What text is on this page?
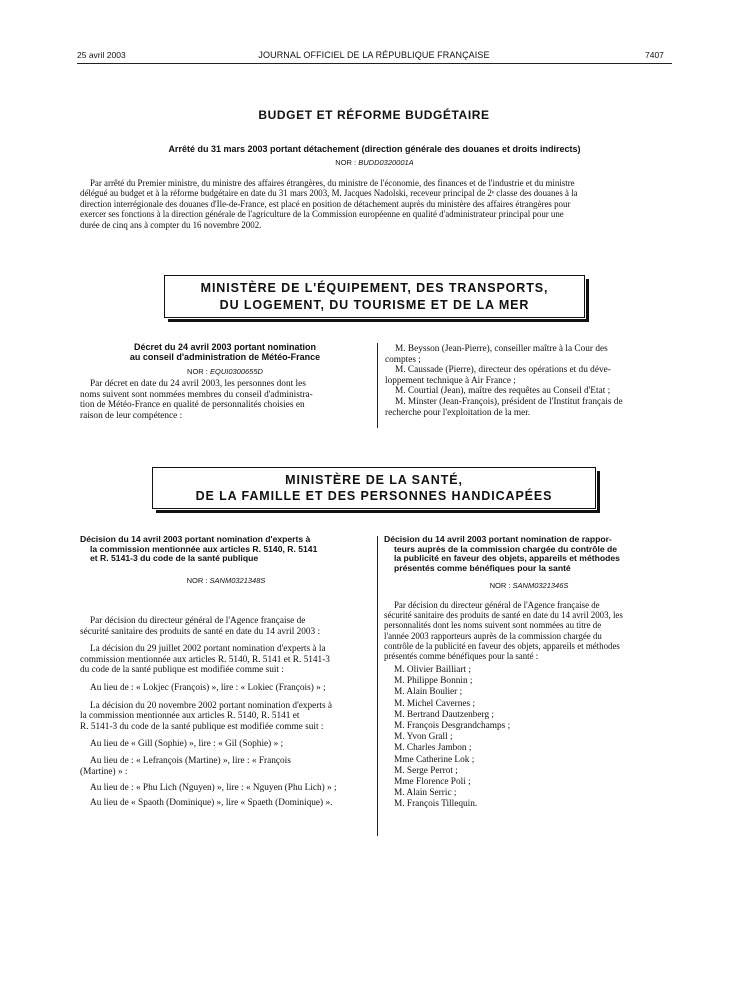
25 avril 2003	JOURNAL OFFICIEL DE LA RÉPUBLIQUE FRANÇAISE	7407
BUDGET ET RÉFORME BUDGÉTAIRE
Arrêté du 31 mars 2003 portant détachement (direction générale des douanes et droits indirects)
NOR : BUDD0320001A
Par arrêté du Premier ministre, du ministre des affaires étrangères, du ministre de l'économie, des finances et de l'industrie et du ministre
délégué au budget et à la réforme budgétaire en date du 31 mars 2003, M. Jacques Nadolski, receveur principal de 2ᵉ classe des douanes à la
direction interrégionale des douanes d'Ile-de-France, est placé en position de détachement auprès du ministère des affaires étrangères pour
exercer ses fonctions à la direction générale de l'agriculture de la Commission européenne en qualité d'administrateur principal pour une
durée de cinq ans à compter du 16 novembre 2002.
MINISTÈRE DE L'ÉQUIPEMENT, DES TRANSPORTS,
DU LOGEMENT, DU TOURISME ET DE LA MER
Décret du 24 avril 2003 portant nomination
au conseil d'administration de Météo-France
NOR : EQUI0300655D
Par décret en date du 24 avril 2003, les personnes dont les
noms suivent sont nommées membres du conseil d'administra-
tion de Météo-France en qualité de personnalités choisies en
raison de leur compétence :
M. Beysson (Jean-Pierre), conseiller maître à la Cour des
comptes ;
M. Caussade (Pierre), directeur des opérations et du déve-
loppement technique à Air France ;
M. Courtial (Jean), maître des requêtes au Conseil d'Etat ;
M. Minster (Jean-François), président de l'Institut français de
recherche pour l'exploitation de la mer.
MINISTÈRE DE LA SANTÉ,
DE LA FAMILLE ET DES PERSONNES HANDICAPÉES
Décision du 14 avril 2003 portant nomination d'experts à
la commission mentionnée aux articles R. 5140, R. 5141
et R. 5141-3 du code de la santé publique
NOR : SANM0321348S
Par décision du directeur général de l'Agence française de
sécurité sanitaire des produits de santé en date du 14 avril 2003 :
La décision du 29 juillet 2002 portant nomination d'experts à la
commission mentionnée aux articles R. 5140, R. 5141 et R. 5141-3
du code de la santé publique est modifiée comme suit :
Au lieu de : « Lokjec (François) », lire : « Lokiec (François) » ;
La décision du 20 novembre 2002 portant nomination d'experts à
la commission mentionnée aux articles R. 5140, R. 5141 et
R. 5141-3 du code de la santé publique est modifiée comme suit :
Au lieu de « Gill (Sophie) », lire : « Gil (Sophie) » ;
Au lieu de : « Lefrançois (Martine) », lire : « François
(Martine) » :
Au lieu de : « Phu Lich (Nguyen) », lire : « Nguyen (Phu Lich) » ;
Au lieu de « Spaoth (Dominique) », lire « Spaeth (Dominique) ».
Décision du 14 avril 2003 portant nomination de rappor-
teurs auprès de la commission chargée du contrôle de
la publicité en faveur des objets, appareils et méthodes
présentés comme bénéfiques pour la santé
NOR : SANM0321346S
Par décision du directeur général de l'Agence française de
sécurité sanitaire des produits de santé en date du 14 avril 2003, les
personnalités dont les noms suivent sont nommées au titre de
l'année 2003 rapporteurs auprès de la commission chargée du
contrôle de la publicité en faveur des objets, appareils et méthodes
présentés comme bénéfiques pour la santé :
M. Olivier Bailliart ;
M. Philippe Bonnin ;
M. Alain Boulier ;
M. Michel Cavernes ;
M. Bertrand Dautzenberg ;
M. François Desgrandchamps ;
M. Yvon Grall ;
M. Charles Jambon ;
Mme Catherine Lok ;
M. Serge Perrot ;
Mme Florence Poli ;
M. Alain Serric ;
M. François Tillequin.
